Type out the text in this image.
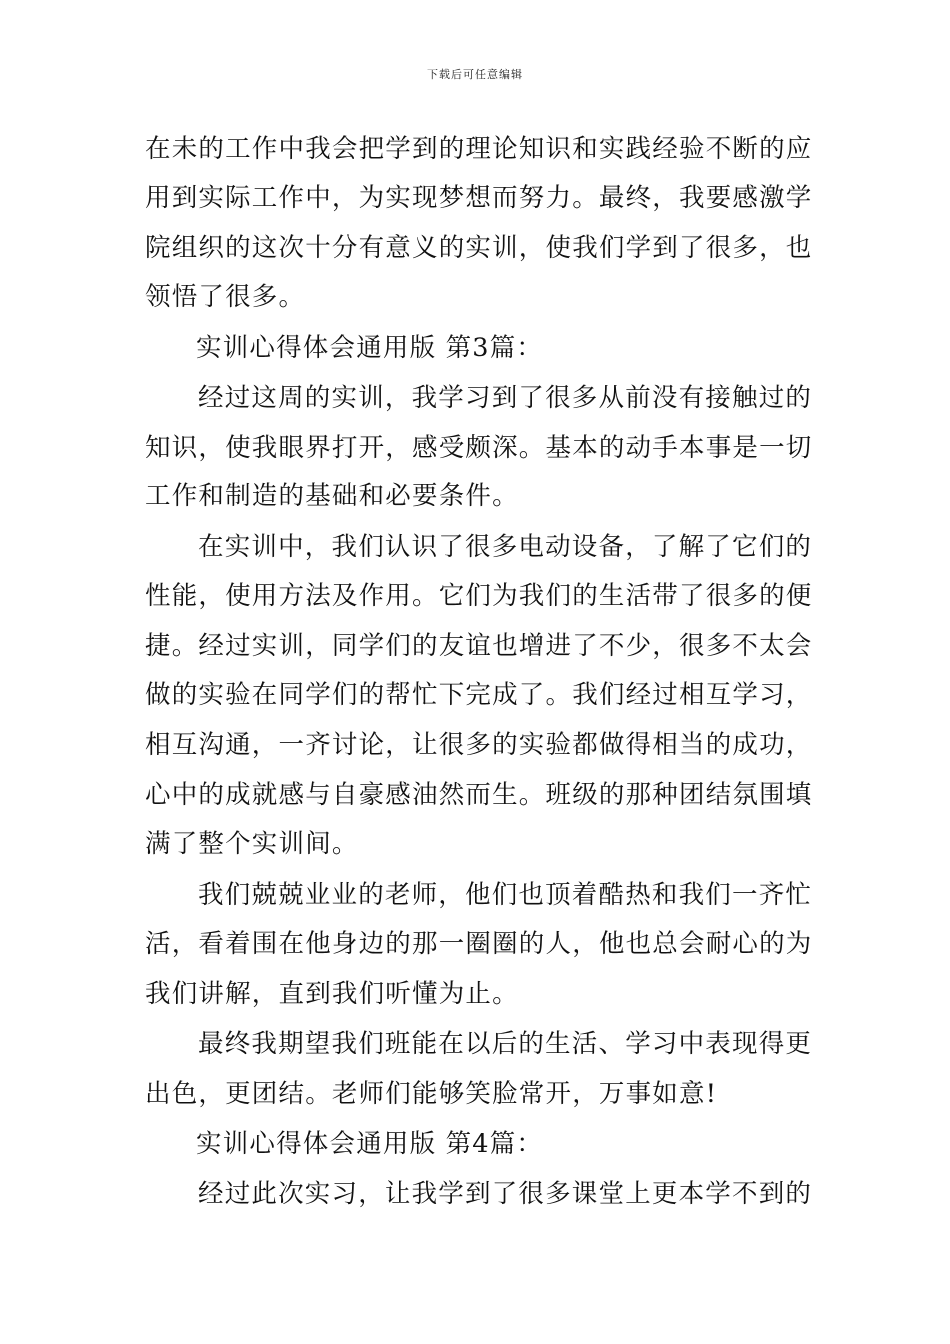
下载后可任意编辑
在未的工作中我会把学到的理论知识和实践经验不断的应
用到实际工作中，为实现梦想而努力。最终，我要感激学
院组织的这次十分有意义的实训，使我们学到了很多，也
领悟了很多。
实训心得体会通用版 第3篇：
经过这周的实训，我学习到了很多从前没有接触过的
知识，使我眼界打开，感受颇深。基本的动手本事是一切
工作和制造的基础和必要条件。
在实训中，我们认识了很多电动设备，了解了它们的
性能，使用方法及作用。它们为我们的生活带了很多的便
捷。经过实训，同学们的友谊也增进了不少，很多不太会
做的实验在同学们的帮忙下完成了。我们经过相互学习，
相互沟通，一齐讨论，让很多的实验都做得相当的成功，
心中的成就感与自豪感油然而生。班级的那种团结氛围填
满了整个实训间。
我们兢兢业业的老师，他们也顶着酷热和我们一齐忙
活，看着围在他身边的那一圈圈的人，他也总会耐心的为
我们讲解，直到我们听懂为止。
最终我期望我们班能在以后的生活、学习中表现得更
出色，更团结。老师们能够笑脸常开，万事如意!
实训心得体会通用版 第4篇：
经过此次实习，让我学到了很多课堂上更本学不到的
